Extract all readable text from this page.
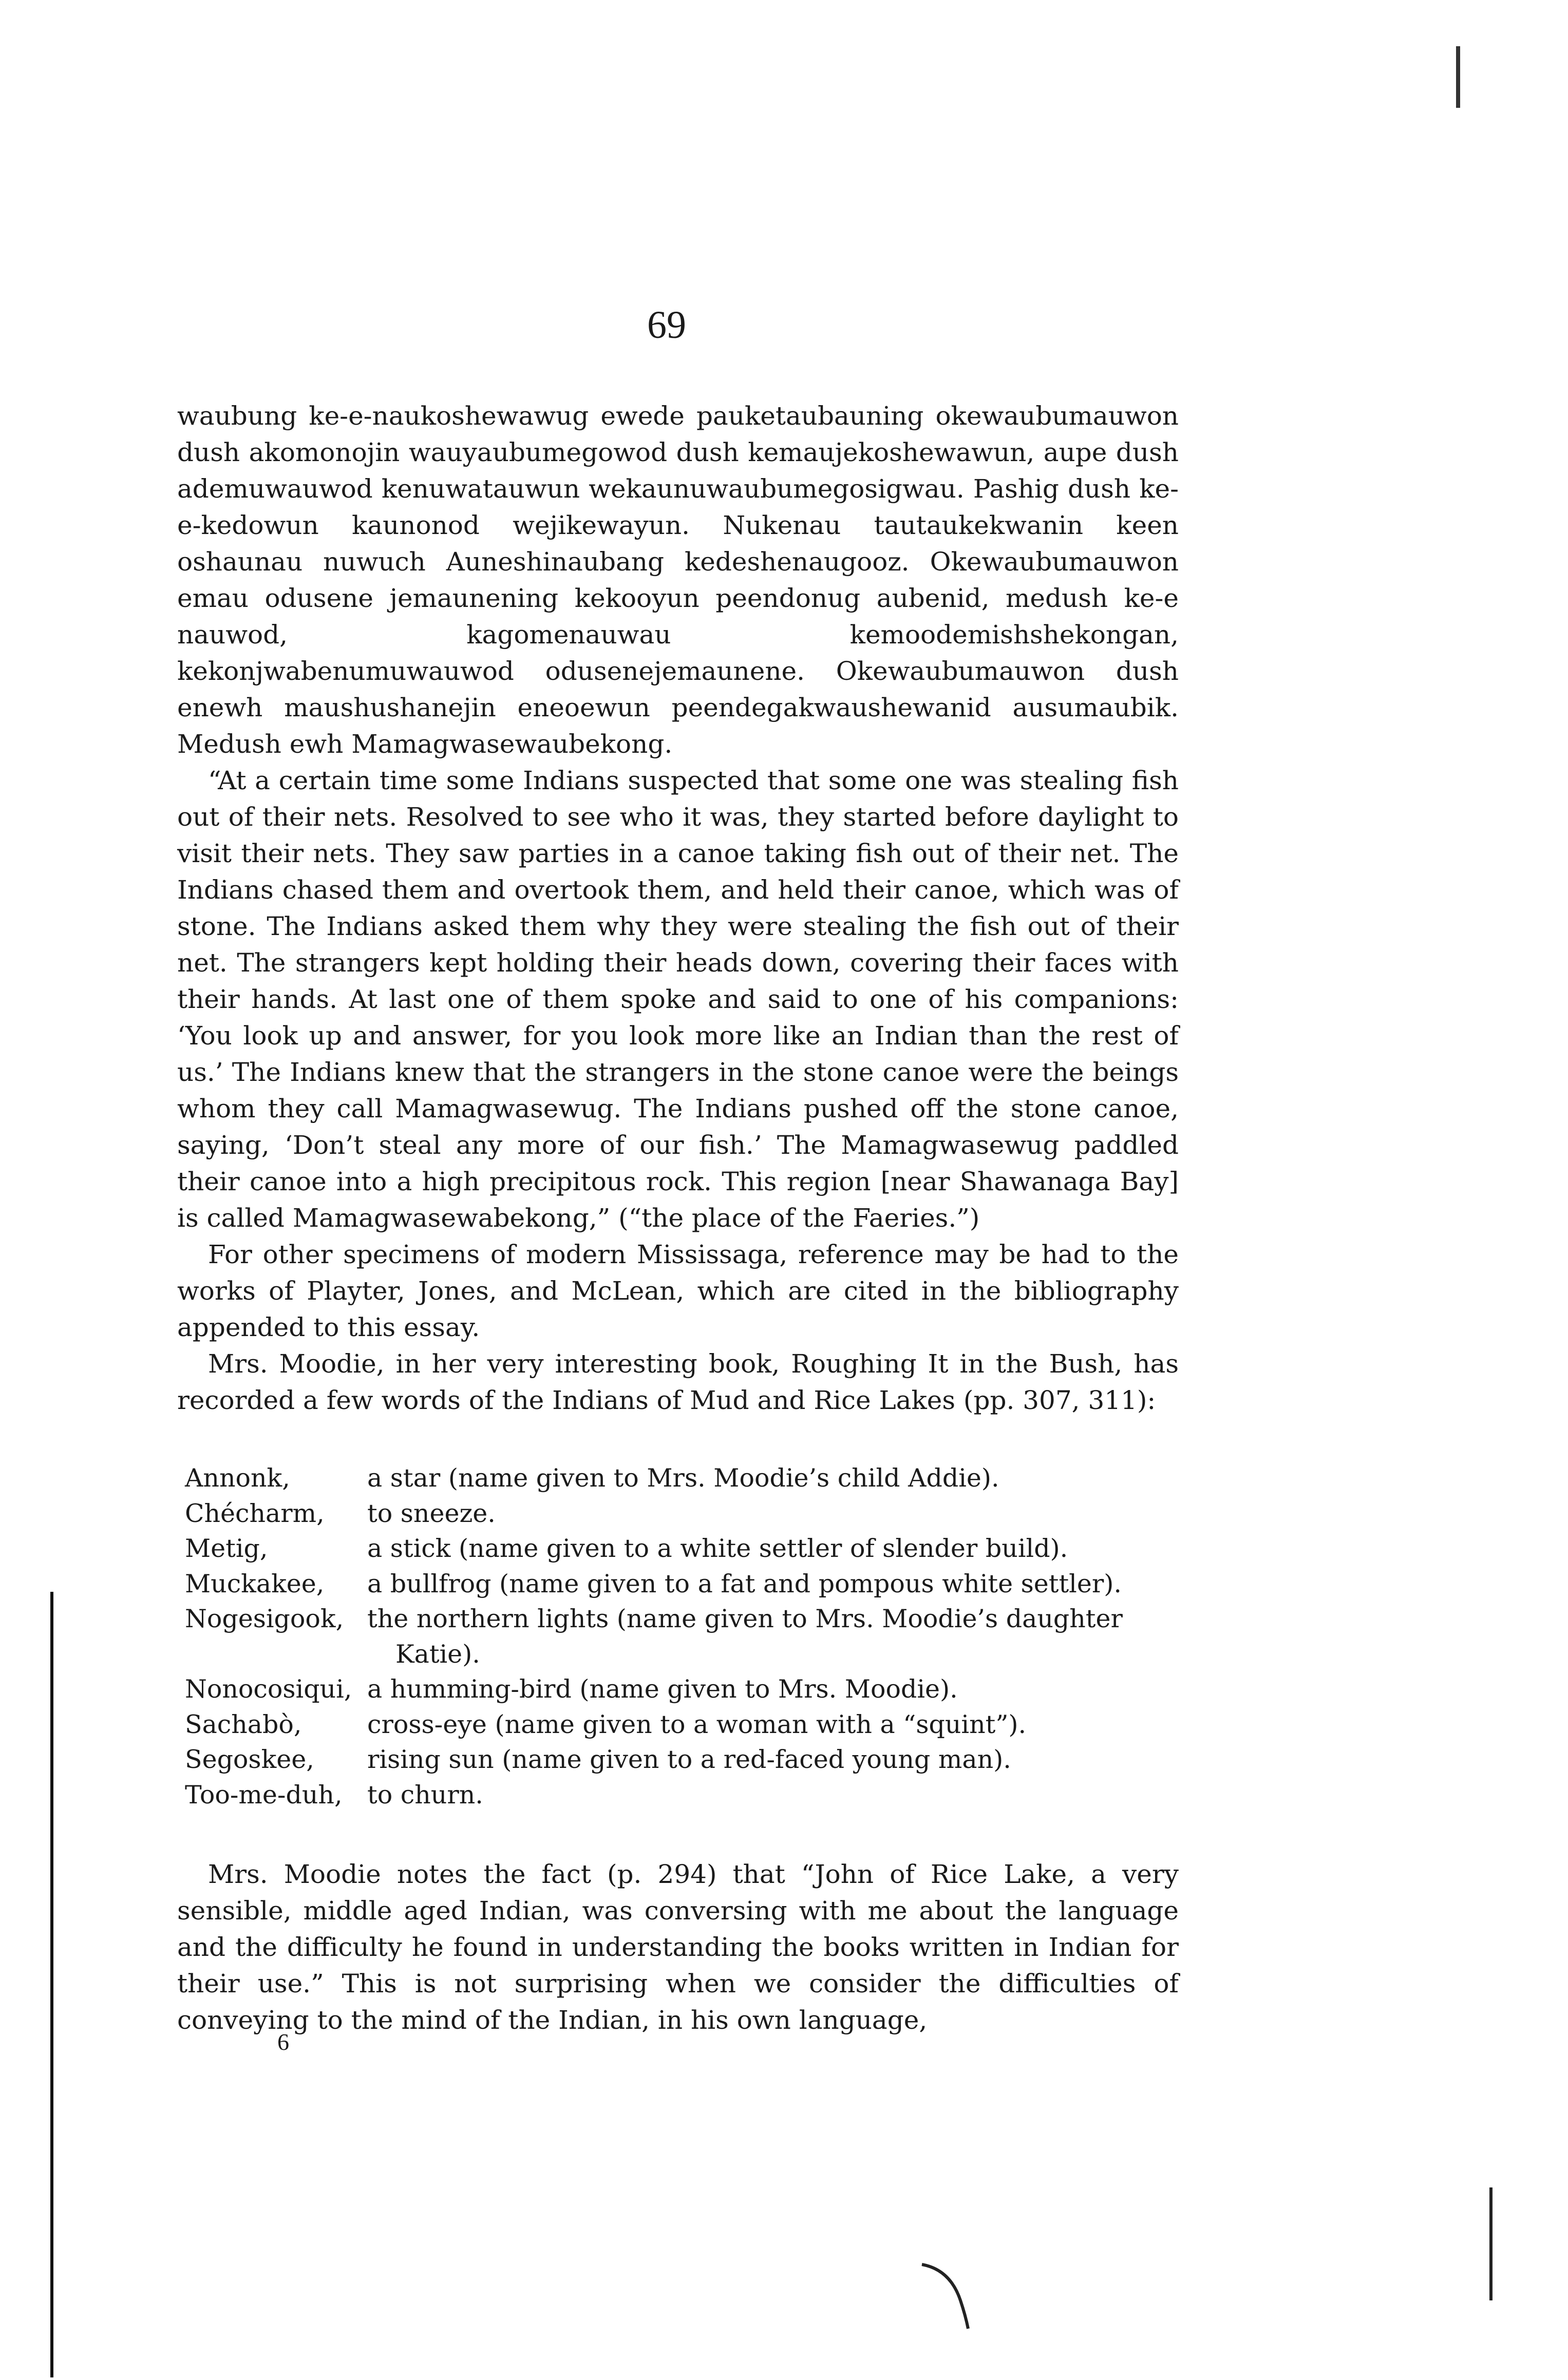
69

waubung ke-e-naukoshewawug ewede pauketaubauning okewaubumauwon dush akomonojin wauyaubumegowod dush kemaujekoshewawun, aupe dush ademuwauwod kenuwatauwun wekaunuwaubumegosigwau. Pashig dush ke-e-kedowun kaunonod wejikewayun. Nukenau tautaukekwanin keen oshaunau nuwuch Auneshinaubang kedeshenaugooz. Okewaubumauwon emau odusene jemaunening kekooyun peendonug aubenid, medush ke-e nauwod, kagomenauwau kemoodemishshekongan, kekonjwabenumuwauwod odusenejemaunene. Okewaubumauwon dush enewh maushushanejin eneoewun peendegakwaushewanid ausumaubik. Medush ewh Mamagwasewaubekong.

“At a certain time some Indians suspected that some one was stealing fish out of their nets. Resolved to see who it was, they started before daylight to visit their nets. They saw parties in a canoe taking fish out of their net. The Indians chased them and overtook them, and held their canoe, which was of stone. The Indians asked them why they were stealing the fish out of their net. The strangers kept holding their heads down, covering their faces with their hands. At last one of them spoke and said to one of his companions: ‘You look up and answer, for you look more like an Indian than the rest of us.’ The Indians knew that the strangers in the stone canoe were the beings whom they call Mamagwasewug. The Indians pushed off the stone canoe, saying, ‘Don’t steal any more of our fish.’ The Mamagwasewug paddled their canoe into a high precipitous rock. This region [near Shawanaga Bay] is called Mamagwasewabekong,” (“the place of the Faeries.”)

For other specimens of modern Mississaga, reference may be had to the works of Playter, Jones, and McLean, which are cited in the bibliography appended to this essay.

Mrs. Moodie, in her very interesting book, Roughing It in the Bush, has recorded a few words of the Indians of Mud and Rice Lakes (pp. 307, 311):

Annonk,	a star (name given to Mrs. Moodie’s child Addie).
Chécharm,	to sneeze.
Metig,	a stick (name given to a white settler of slender build).
Muckakee,	a bullfrog (name given to a fat and pompous white settler).
Nogesigook, the northern lights (name given to Mrs. Moodie’s daughter
Katie).
Nonocosiqui, a humming-bird (name given to Mrs. Moodie).
Sachabò,	cross-eye (name given to a woman with a “squint”).
Segoskee,	rising sun (name given to a red-faced young man).
Too-me-duh, to churn.

Mrs. Moodie notes the fact (p. 294) that “John of Rice Lake, a very sensible, middle aged Indian, was conversing with me about the language and the difficulty he found in understanding the books written in Indian for their use.” This is not surprising when we consider the difficulties of conveying to the mind of the Indian, in his own language,

6
